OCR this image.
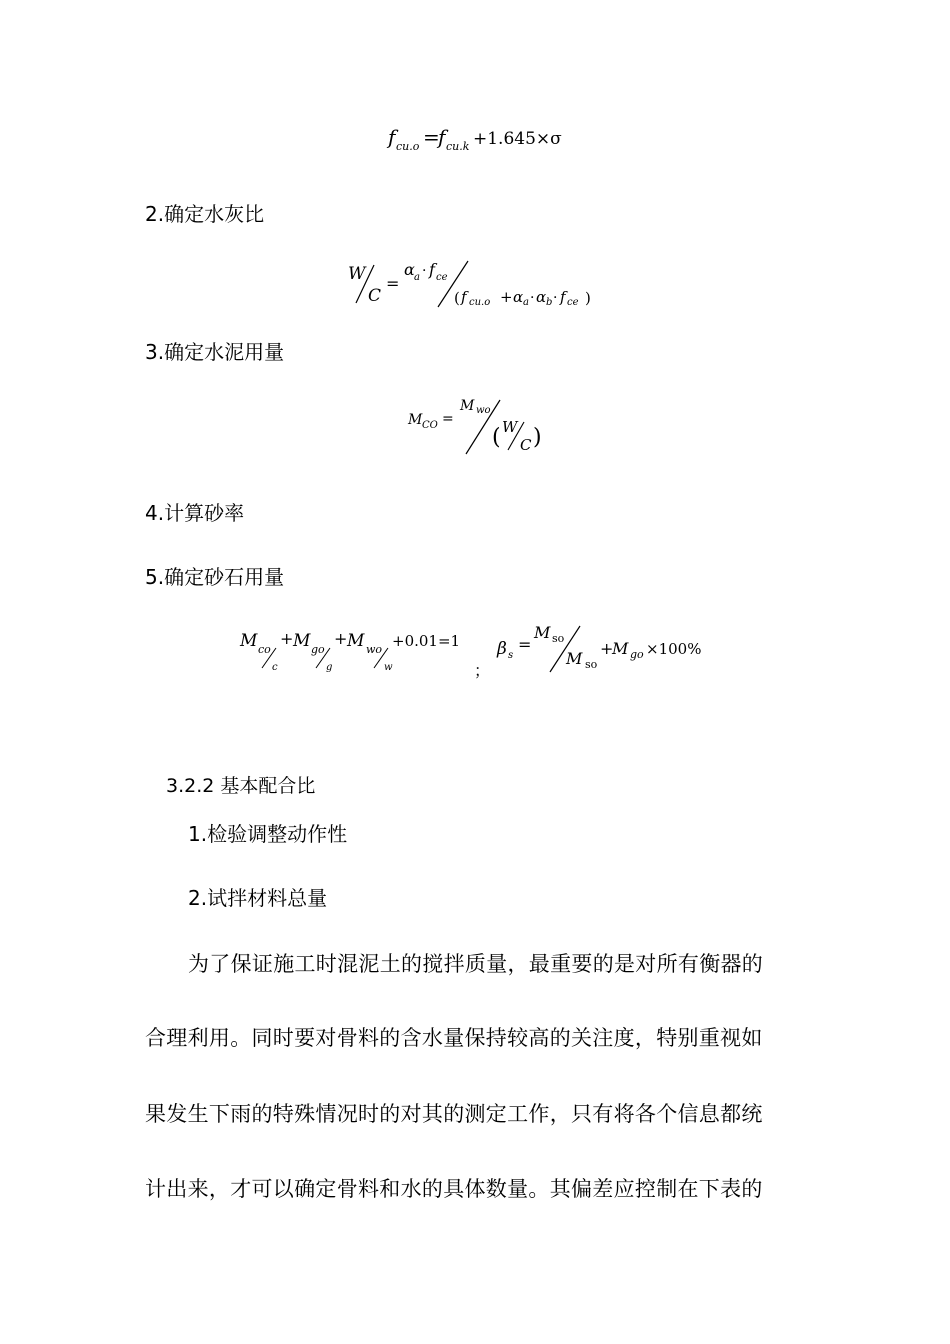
f cu.o =
f cu.k +1.645×σ
2.确定水灰比
W
C
=
α a · f ce
( f cu.o + α a · α b · f ce )
3.确定水泥用量
M CO =
M wo
( W
C )
4.计算砂率
5.确定砂石用量
M co
c
+ M go
g
+ M wo
w
+0.01=1
；
β s
=
M so
M so
+
M go ×100%
3.2.2 基本配合比
1.检验调整动作性
2.试拌材料总量
为了保证施工时混泥土的搅拌质量，最重要的是对所有衡器的
合理利用。同时要对骨料的含水量保持较高的关注度，特别重视如
果发生下雨的特殊情况时的对其的测定工作，只有将各个信息都统
计出来，才可以确定骨料和水的具体数量。其偏差应控制在下表的
